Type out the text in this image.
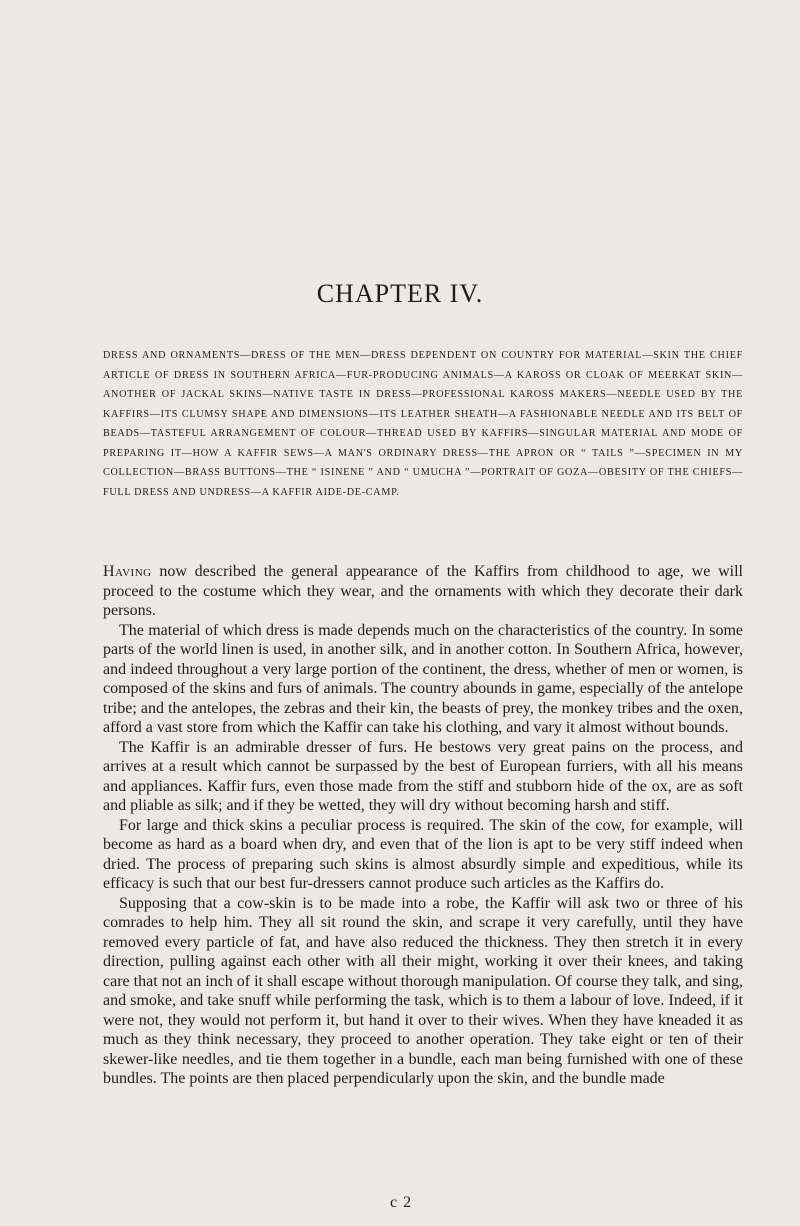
CHAPTER IV.

DRESS AND ORNAMENTS—DRESS OF THE MEN—DRESS DEPENDENT ON COUNTRY FOR MATERIAL—SKIN THE CHIEF ARTICLE OF DRESS IN SOUTHERN AFRICA—FUR-PRODUCING ANIMALS—A KAROSS OR CLOAK OF MEERKAT SKIN—ANOTHER OF JACKAL SKINS—NATIVE TASTE IN DRESS—PROFESSIONAL KAROSS MAKERS—NEEDLE USED BY THE KAFFIRS—ITS CLUMSY SHAPE AND DIMENSIONS—ITS LEATHER SHEATH—A FASHIONABLE NEEDLE AND ITS BELT OF BEADS—TASTEFUL ARRANGEMENT OF COLOUR—THREAD USED BY KAFFIRS—SINGULAR MATERIAL AND MODE OF PREPARING IT—HOW A KAFFIR SEWS—A MAN'S ORDINARY DRESS—THE APRON OR “ TAILS ”—SPECIMEN IN MY COLLECTION—BRASS BUTTONS—THE “ ISINENE ” AND “ UMUCHA ”—PORTRAIT OF GOZA—OBESITY OF THE CHIEFS—FULL DRESS AND UNDRESS—A KAFFIR AIDE-DE-CAMP.

Having now described the general appearance of the Kaffirs from childhood to age, we will proceed to the costume which they wear, and the ornaments with which they decorate their dark persons.

The material of which dress is made depends much on the characteristics of the country. In some parts of the world linen is used, in another silk, and in another cotton. In Southern Africa, however, and indeed throughout a very large portion of the continent, the dress, whether of men or women, is composed of the skins and furs of animals. The country abounds in game, especially of the antelope tribe; and the antelopes, the zebras and their kin, the beasts of prey, the monkey tribes and the oxen, afford a vast store from which the Kaffir can take his clothing, and vary it almost without bounds.

The Kaffir is an admirable dresser of furs. He bestows very great pains on the process, and arrives at a result which cannot be surpassed by the best of European furriers, with all his means and appliances. Kaffir furs, even those made from the stiff and stubborn hide of the ox, are as soft and pliable as silk; and if they be wetted, they will dry without becoming harsh and stiff.

For large and thick skins a peculiar process is required. The skin of the cow, for example, will become as hard as a board when dry, and even that of the lion is apt to be very stiff indeed when dried. The process of preparing such skins is almost absurdly simple and expeditious, while its efficacy is such that our best fur-dressers cannot produce such articles as the Kaffirs do.

Supposing that a cow-skin is to be made into a robe, the Kaffir will ask two or three of his comrades to help him. They all sit round the skin, and scrape it very carefully, until they have removed every particle of fat, and have also reduced the thickness. They then stretch it in every direction, pulling against each other with all their might, working it over their knees, and taking care that not an inch of it shall escape without thorough manipulation. Of course they talk, and sing, and smoke, and take snuff while performing the task, which is to them a labour of love. Indeed, if it were not, they would not perform it, but hand it over to their wives. When they have kneaded it as much as they think necessary, they proceed to another operation. They take eight or ten of their skewer-like needles, and tie them together in a bundle, each man being furnished with one of these bundles. The points are then placed perpendicularly upon the skin, and the bundle made

c 2
